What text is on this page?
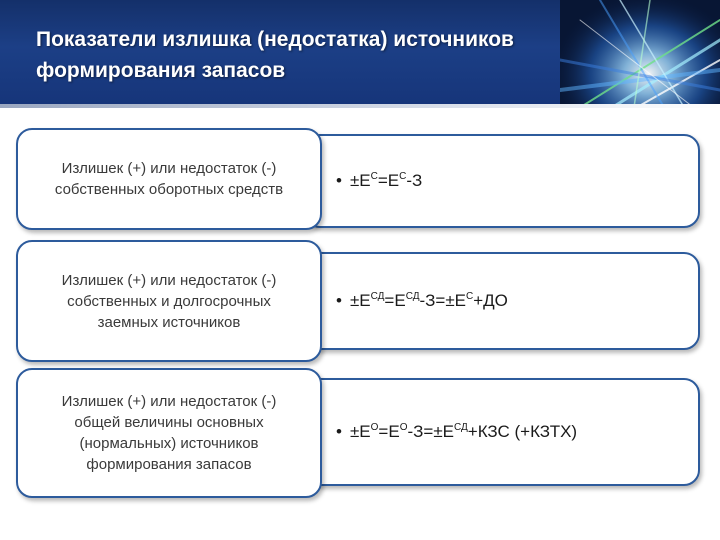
Показатели излишка (недостатка) источников
формирования запасов
• $\pm Е^С=Е^С-З$
Излишек (+) или недостаток (-)
собственных оборотных средств
• $\pm Е^{СД}=Е^{СД}-З=\pm Е^С+ДО$
Излишек (+) или недостаток (-)
собственных и долгосрочных
заемных источников
• $\pm Е^О=Е^О-З=\pm Е^{СД}+КЗС$ (+КЗТХ)
Излишек (+) или недостаток (-)
общей величины основных
(нормальных) источников
формирования запасов
